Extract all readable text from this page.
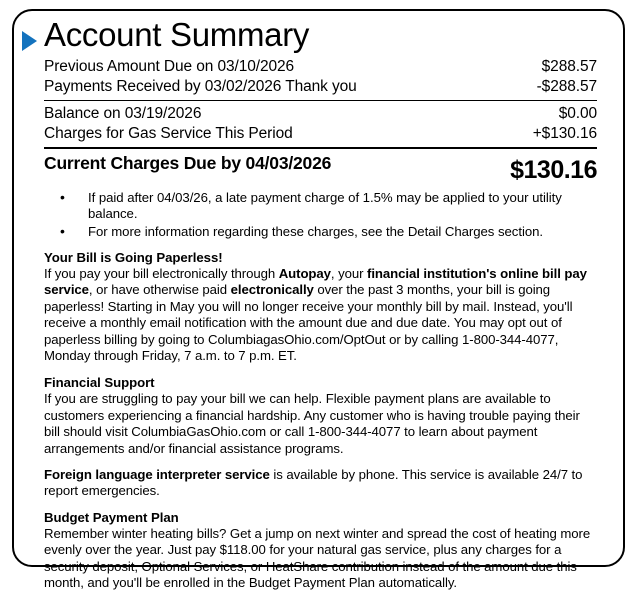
Account Summary
Previous Amount Due on 03/10/2026	$288.57
Payments Received by 03/02/2026 Thank you	-$288.57
Balance on 03/19/2026	$0.00
Charges for Gas Service This Period	+$130.16
Current Charges Due by 04/03/2026	$130.16
• If paid after 04/03/26, a late payment charge of 1.5% may be applied to your utility balance.
• For more information regarding these charges, see the Detail Charges section.
Your Bill is Going Paperless!
If you pay your bill electronically through Autopay, your financial institution's online bill pay service, or have otherwise paid electronically over the past 3 months, your bill is going paperless! Starting in May you will no longer receive your monthly bill by mail. Instead, you'll receive a monthly email notification with the amount due and due date. You may opt out of paperless billing by going to ColumbiagasOhio.com/OptOut or by calling 1-800-344-4077, Monday through Friday, 7 a.m. to 7 p.m. ET.
Financial Support
If you are struggling to pay your bill we can help. Flexible payment plans are available to customers experiencing a financial hardship. Any customer who is having trouble paying their bill should visit ColumbiaGasOhio.com or call 1-800-344-4077 to learn about payment arrangements and/or financial assistance programs.
Foreign language interpreter service is available by phone. This service is available 24/7 to report emergencies.
Budget Payment Plan
Remember winter heating bills? Get a jump on next winter and spread the cost of heating more evenly over the year. Just pay $118.00 for your natural gas service, plus any charges for a security deposit, Optional Services, or HeatShare contribution instead of the amount due this month, and you'll be enrolled in the Budget Payment Plan automatically.
